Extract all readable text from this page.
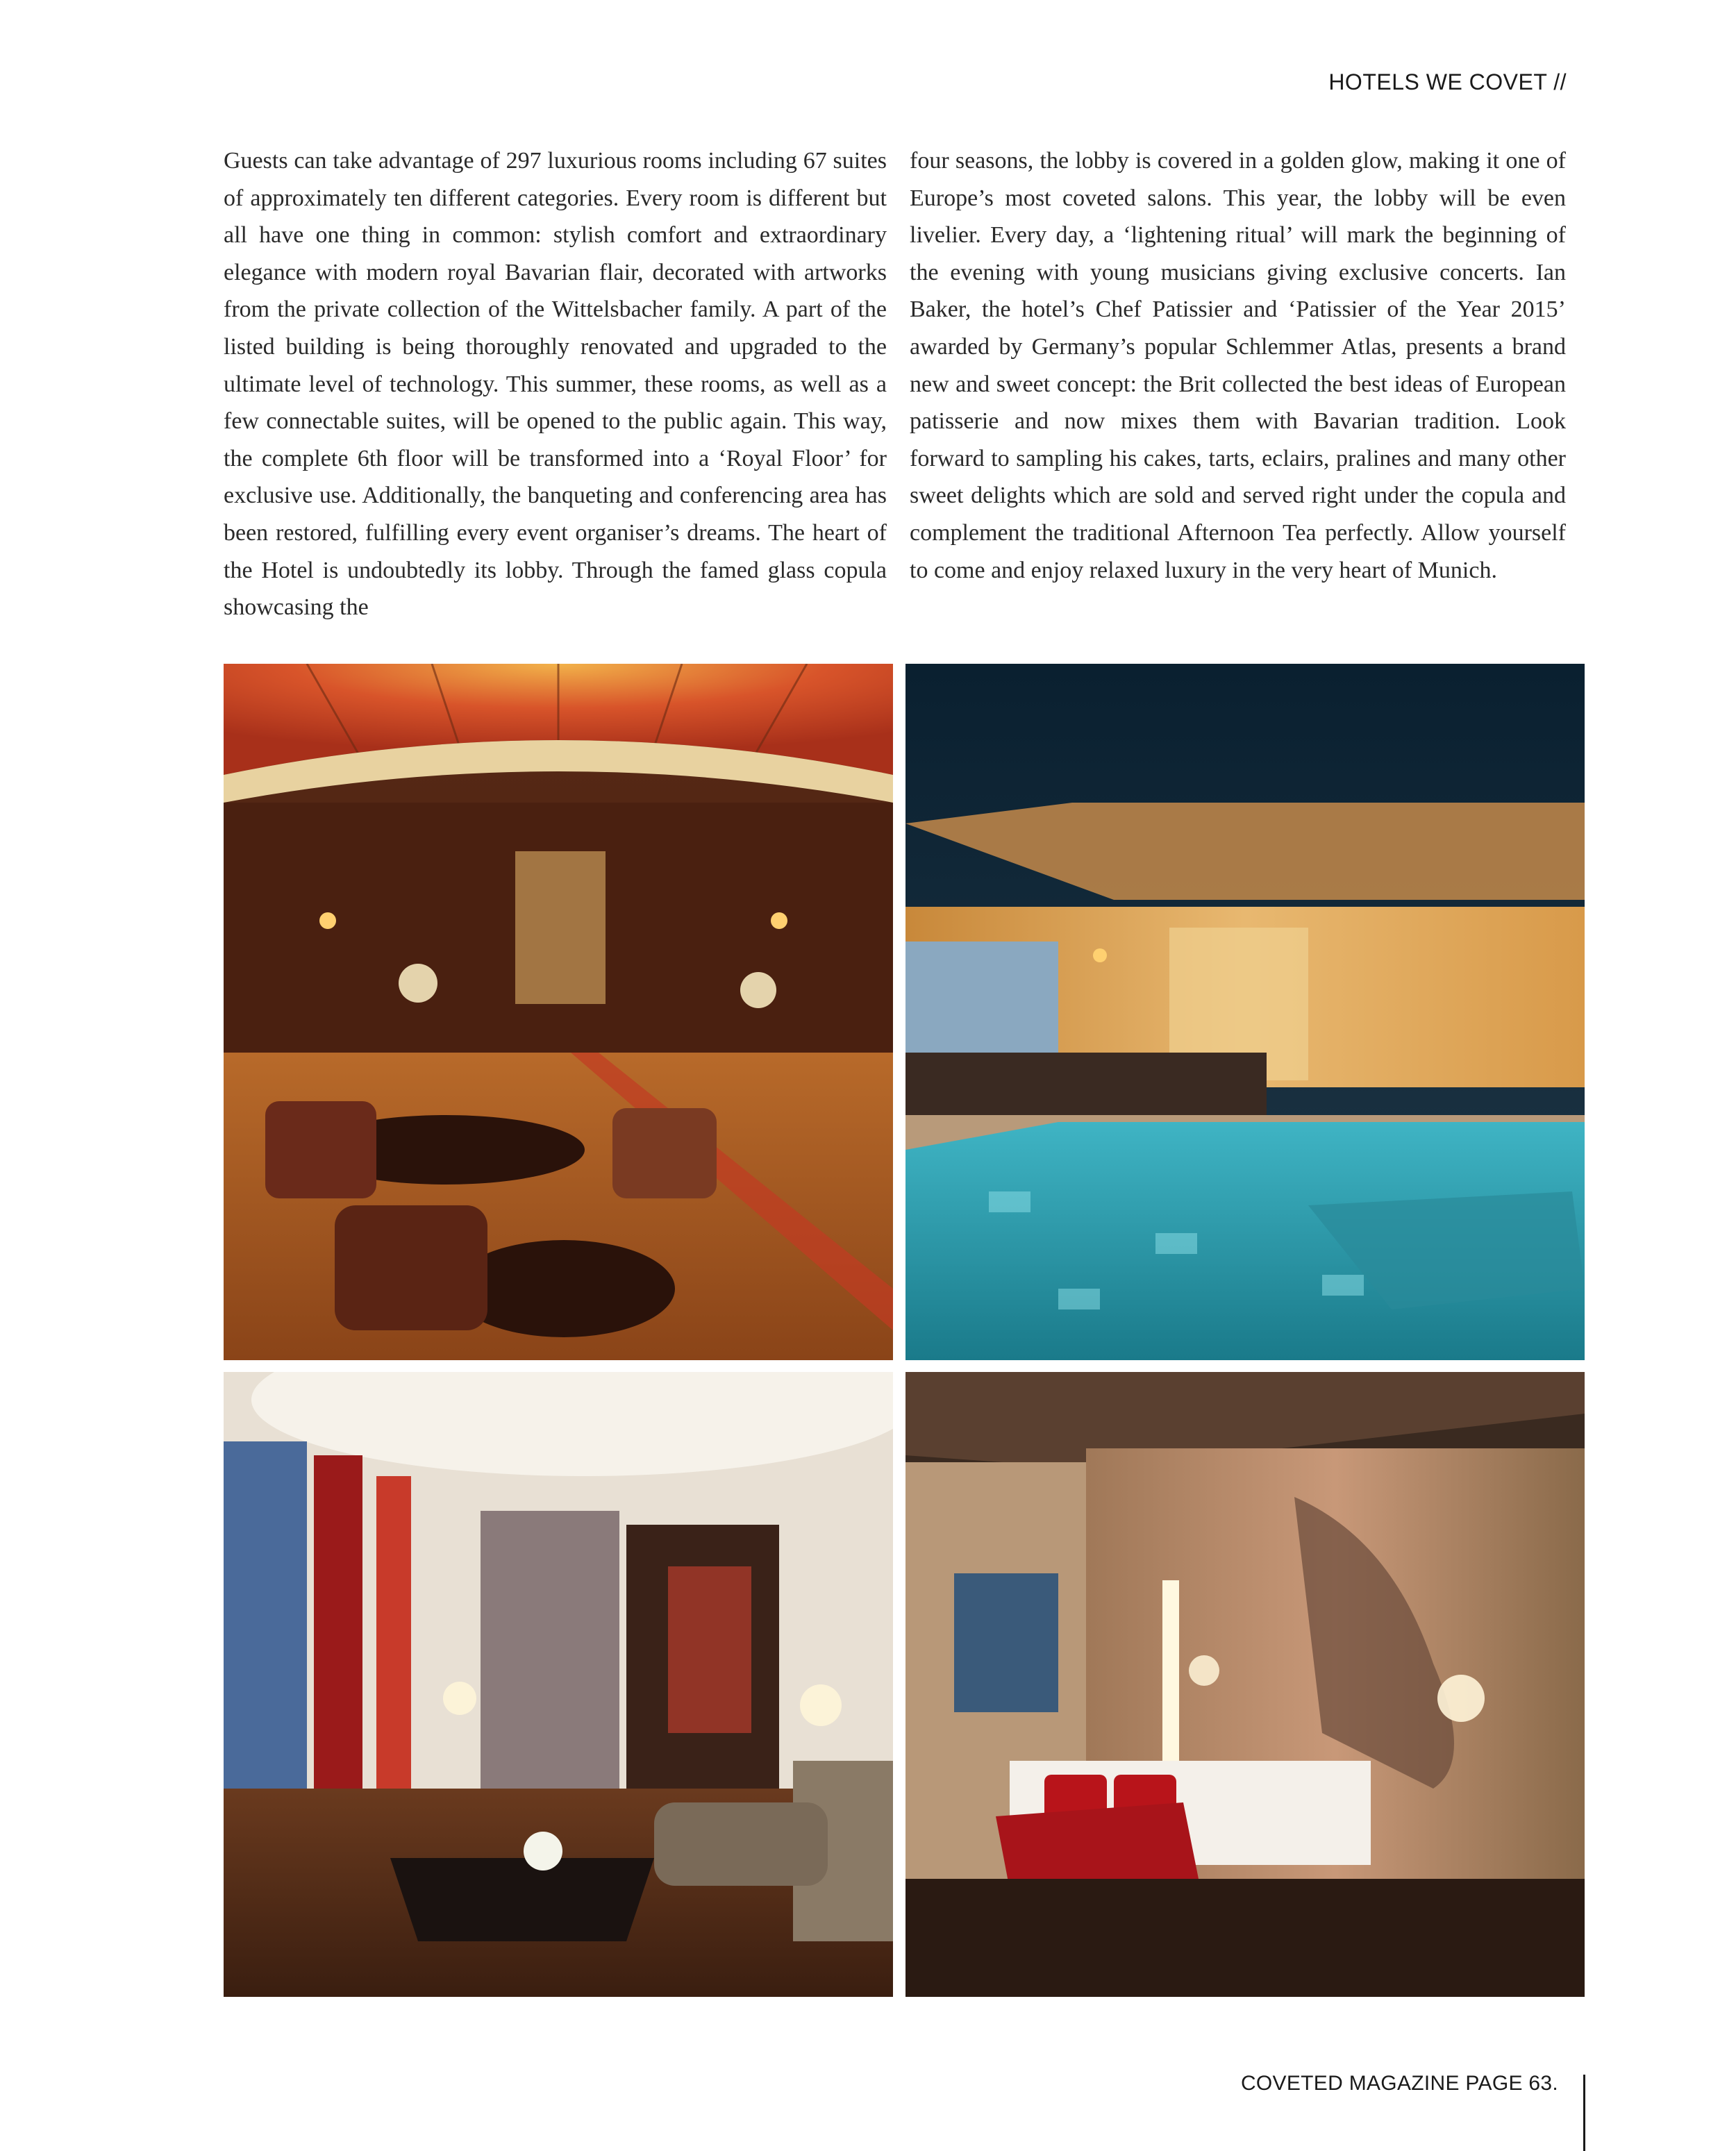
HOTELS WE COVET //
Guests can take advantage of 297 luxurious rooms including 67 suites of approximately ten different categories. Every room is different but all have one thing in common: stylish comfort and extraordinary elegance with modern royal Bavarian flair, decorated with artworks from the private collection of the Wittelsbacher family. A part of the listed building is being thoroughly renovated and upgraded to the ultimate level of technology. This summer, these rooms, as well as a few connectable suites, will be opened to the public again. This way, the complete 6th floor will be transformed into a ‘Royal Floor’ for exclusive use. Additionally, the banqueting and conferencing area has been restored, fulfilling every event organiser’s dreams. The heart of the Hotel is undoubtedly its lobby. Through the famed glass copula showcasing the
four seasons, the lobby is covered in a golden glow, making it one of Europe’s most coveted salons. This year, the lobby will be even livelier. Every day, a ‘lightening ritual’ will mark the beginning of the evening with young musicians giving exclusive concerts. Ian Baker, the hotel’s Chef Patissier and ‘Patissier of the Year 2015’ awarded by Germany’s popular Schlemmer Atlas, presents a brand new and sweet concept: the Brit collected the best ideas of European patisserie and now mixes them with Bavarian tradition. Look forward to sampling his cakes, tarts, eclairs, pralines and many other sweet delights which are sold and served right under the copula and complement the traditional Afternoon Tea perfectly. Allow yourself to come and enjoy relaxed luxury in the very heart of Munich.
COVETED MAGAZINE PAGE 63.
